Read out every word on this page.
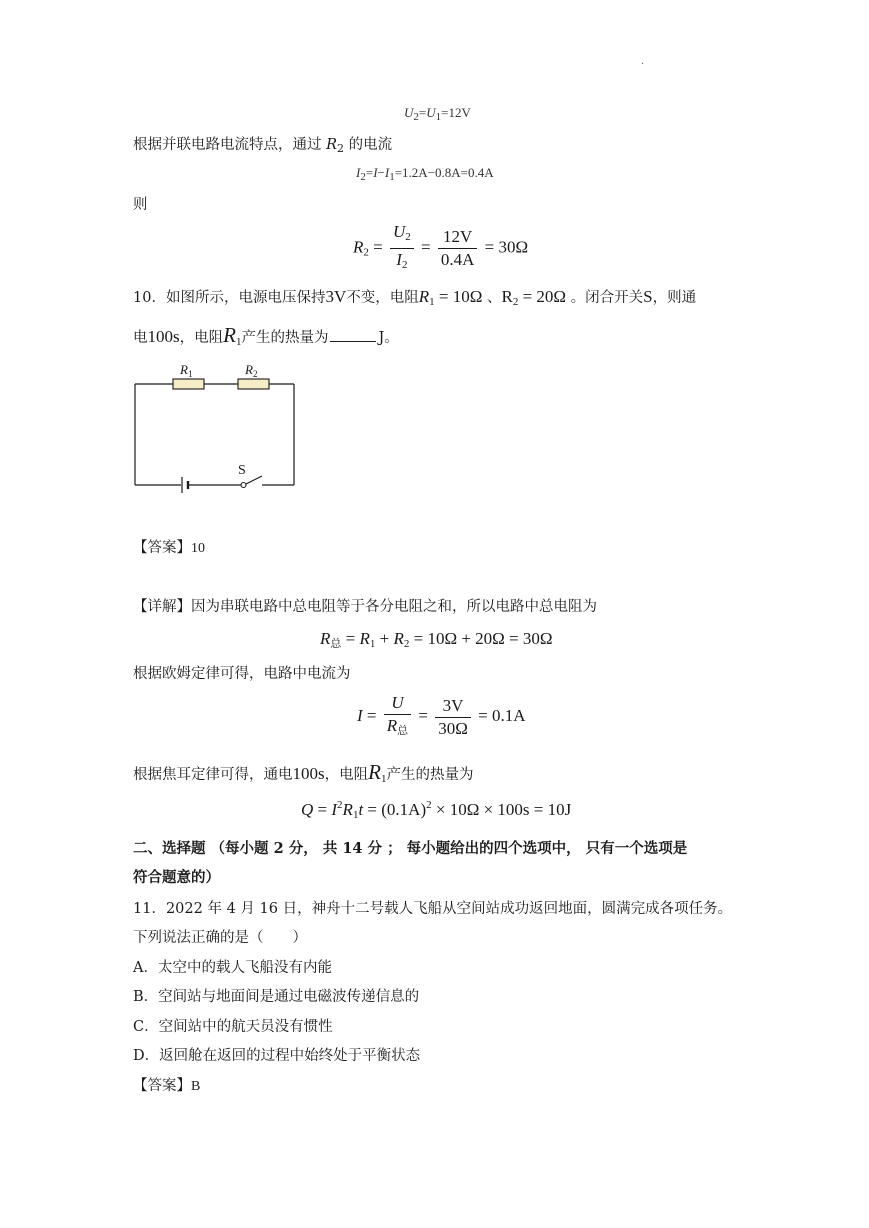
.
$U_2=U_1=12V$
根据并联电路电流特点，通过 $R_2$ 的电流
$I_2=I-I_1=1.2A-0.8A=0.4A$
则
$R_2 = \frac{U_2}{I_2} = \frac{12V}{0.4A} = 30\Omega$
10．如图所示，电源电压保持3V不变，电阻$R_1 = 10\Omega$ 、$R_2 = 20\Omega$ 。闭合开关S，则通
电100s，电阻$R_1$产生的热量为	J。
$R_1$	$R_2$
S
【答案】10
【详解】因为串联电路中总电阻等于各分电阻之和，所以电路中总电阻为
$R_总 = R_1 + R_2 = 10\Omega + 20\Omega = 30\Omega$
根据欧姆定律可得，电路中电流为
$I = \frac{U}{R_总} = \frac{3V}{30\Omega} = 0.1A$
根据焦耳定律可得，通电100s，电阻$R_1$产生的热量为
$Q = I^2R_1t = (0.1A)^2 \times 10\Omega \times 100s = 10J$
二、选择题 （每小题 2 分， 共 14 分 ； 每小题给出的四个选项中， 只有一个选项是
符合题意的）
11．2022 年 4 月 16 日，神舟十二号载人飞船从空间站成功返回地面，圆满完成各项任务。
下列说法正确的是（　　）
A．太空中的载人飞船没有内能
B．空间站与地面间是通过电磁波传递信息的
C．空间站中的航天员没有惯性
D．返回舱在返回的过程中始终处于平衡状态
【答案】B
